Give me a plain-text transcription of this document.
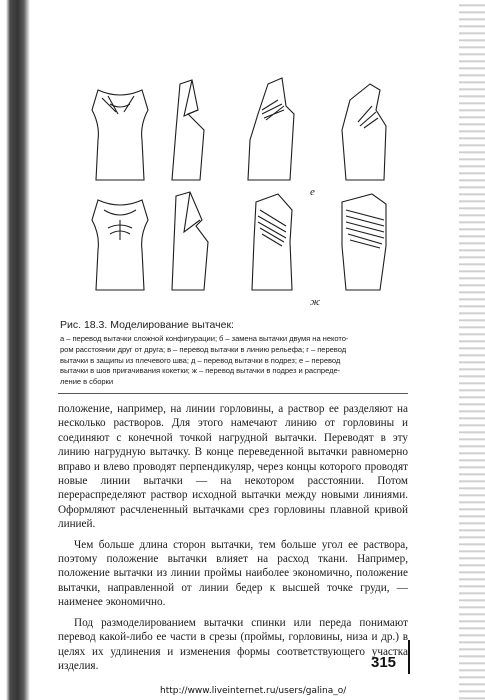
е
ж

Рис. 18.3. Моделирование вытачек:

а – перевод вытачки сложной конфигурации; б – замена вытачки двумя на некото-
ром расстоянии друг от друга; в – перевод вытачки в линию рельефа; г – перевод
вытачки в защипы из плечевого шва; д – перевод вытачки в подрез; е – перевод
вытачки в шов пригачивания кокетки; ж – перевод вытачки в подрез и распреде-
ление в сборки

положение, например, на линии горловины, а раствор ее разделяют на несколько растворов. Для этого намечают линию от горловины и соединяют с конечной точкой нагрудной вытачки. Переводят в эту линию нагрудную вытачку. В конце переведенной вытачки равномерно вправо и влево проводят перпендикуляр, через концы которого проводят новые линии вытачки — на некотором расстоянии. Потом перераспределяют раствор исходной вытачки между новыми линиями. Оформляют расчлененный вытачками срез горловины плавной кривой линией.

Чем больше длина сторон вытачки, тем больше угол ее раствора, поэтому положение вытачки влияет на расход ткани. Например, положение вытачки из линии проймы наиболее экономично, положение вытачки, направленной от линии бедер к высшей точке груди, — наименее экономично.

Под размоделированием вытачки спинки или переда понимают перевод какой-либо ее части в срезы (проймы, горловины, низа и др.) в целях их удлинения и изменения формы соответствующего участка изделия.	315
http://www.liveinternet.ru/users/galina_o/
